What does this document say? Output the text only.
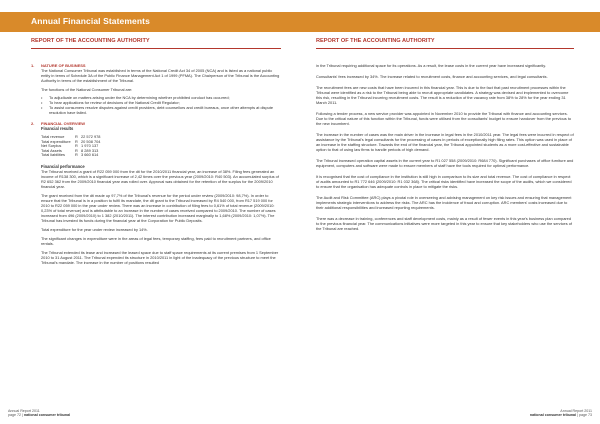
Annual Financial Statements
REPORT OF THE ACCOUNTING AUTHORITY
1.	NATURE OF BUSINESS

The National Consumer Tribunal was established in terms of the National Credit Act 34 of 2005 (NCA) and is listed as a national public entity in terms of Schedule 3A of the Public Finance Management Act 1 of 1999 (PFMA). The Chairperson of the Tribunal is the Accounting Authority in terms of the establishment of the Tribunal.

The functions of the National Consumer Tribunal are:

• To adjudicate on matters arising under the NCA by determining whether prohibited conduct has occurred;
• To hear applications for review of decisions of the National Credit Regulator;
• To assist consumers resolve disputes against credit providers, debt counsellors and credit bureaus, once other attempts at dispute resolution have failed.
2.	FINANCIAL OVERVIEW
Financial results
Total revenue	R	22 572 978
Total expenditure	R	20 508 704
Net Surplus	R	1 970 137
Total Assets	R	8 289 313
Total liabilities	R	3 660 614
Financial performance

The Tribunal received a grant of R22 059 000 from the dti for the 2010/2011 financial year, an increase of 38%. Filing fees generated an income of R138 300, which is a significant increase of 2,42 times over the previous year (2009/2010: R40 503). An accumulated surplus of R2 652 362 from the 2009/2010 financial year was rolled over. Approval was obtained for the retention of the surplus for the 2009/2010 financial year.

The grant received from the dti made up 97,7% of the Tribunal's revenue for the period under review (2009/2010: 98,7%). In order to ensure that the Tribunal is in a position to fulfil its mandate, the dti grant to the Tribunal increased by R4 540 000, from R17 519 000 for 2010 to R22 059 000 in the year under review. There was an increase in contribution of filing fees to 0,61% of total revenue (2009/2010: 0,23% of total revenue) and is attributable to an increase in the number of cases received compared to 2009/2010. The number of cases increased from 496 (2009/2010) to 1 382 (2010/2011). The interest contribution increased marginally to 1,68% (2009/2010: 1,07%). The Tribunal has invested its funds during the financial year at the Corporation for Public Deposits.

Total expenditure for the year under review increased by 14%.

The significant changes in expenditure were in the areas of legal fees, temporary staffing, fees paid to recruitment partners, and office rentals.

The Tribunal extended its lease and increased the leased space due to staff space requirements at its current premises from 1 September 2010 to 31 August 2011. The Tribunal expended its structure in 2010/2011 in light of the inadequacy of the previous structure to meet the Tribunal's mandate. The increase in the number of positions resulted

REPORT OF THE ACCOUNTING AUTHORITY

in the Tribunal requiring additional space for its operations. As a result, the lease costs in the current year have increased significantly.

Consultants' fees increased by 34%. The increase related to recruitment costs, finance and accounting services, and legal consultants.

The recruitment fees are new costs that have been incurred in this financial year. This is due to the fact that past recruitment processes within the Tribunal were identified as a risk to the Tribunal being able to recruit appropriate candidates. A strategy was devised and implemented to overcome this risk, resulting in the Tribunal incurring recruitment costs. The result is a reduction of the vacancy rate from 38% to 28% for the year ending 31 March 2011.

Following a tender process, a new service provider was appointed in November 2010 to provide the Tribunal with finance and accounting services. Due to the critical nature of this function within the Tribunal, funds were utilised from the consultants' budget to ensure handover from the previous to the new incumbent.

The increase in the number of cases was the main driver in the increase in legal fees in the 2010/2011 year. The legal fees were incurred in respect of assistance by the Tribunal's legal consultants for the processing of cases in periods of exceptionally high filing rates. This option was used in place of an increase in the staffing structure. Towards the end of the financial year, the Tribunal appointed students as a more cost-effective and sustainable option to that of using law firms to handle periods of high demand.

The Tribunal increased operation capital assets in the current year to R1 027 558 (2009/2010: R684 770). Significant purchases of office furniture and equipment, computers and software were made to ensure members of staff have the tools required for optimal performance.

It is recognised that the cost of compliance in the institution is still high in comparison to its size and total revenue. The cost of compliance in respect of audits amounted to R1 772 646 (2009/2010: R1 032 368). The critical risks identified have increased the scope of the audits, which we considered to ensure that the organisation has adequate controls in place to mitigate the risks.

The Audit and Risk Committee (ARC) plays a pivotal role in overseeing and advising management on key risk issues and ensuring that management implements strategic interventions to address the risks. The ARC has the incidence of fraud and corruption. ARC members' costs increased due to their additional responsibilities and increased reporting requirements.

There was a decrease in training, conferences and staff development costs, mainly as a result of fewer events in this year's business plan compared to the previous financial year. The communications initiatives were more targeted in this year to ensure that key stakeholders who use the services of the Tribunal are reached.

Annual Report 2011
page 72 | national consumer tribunal
Annual Report 2011
national consumer tribunal | page 73
